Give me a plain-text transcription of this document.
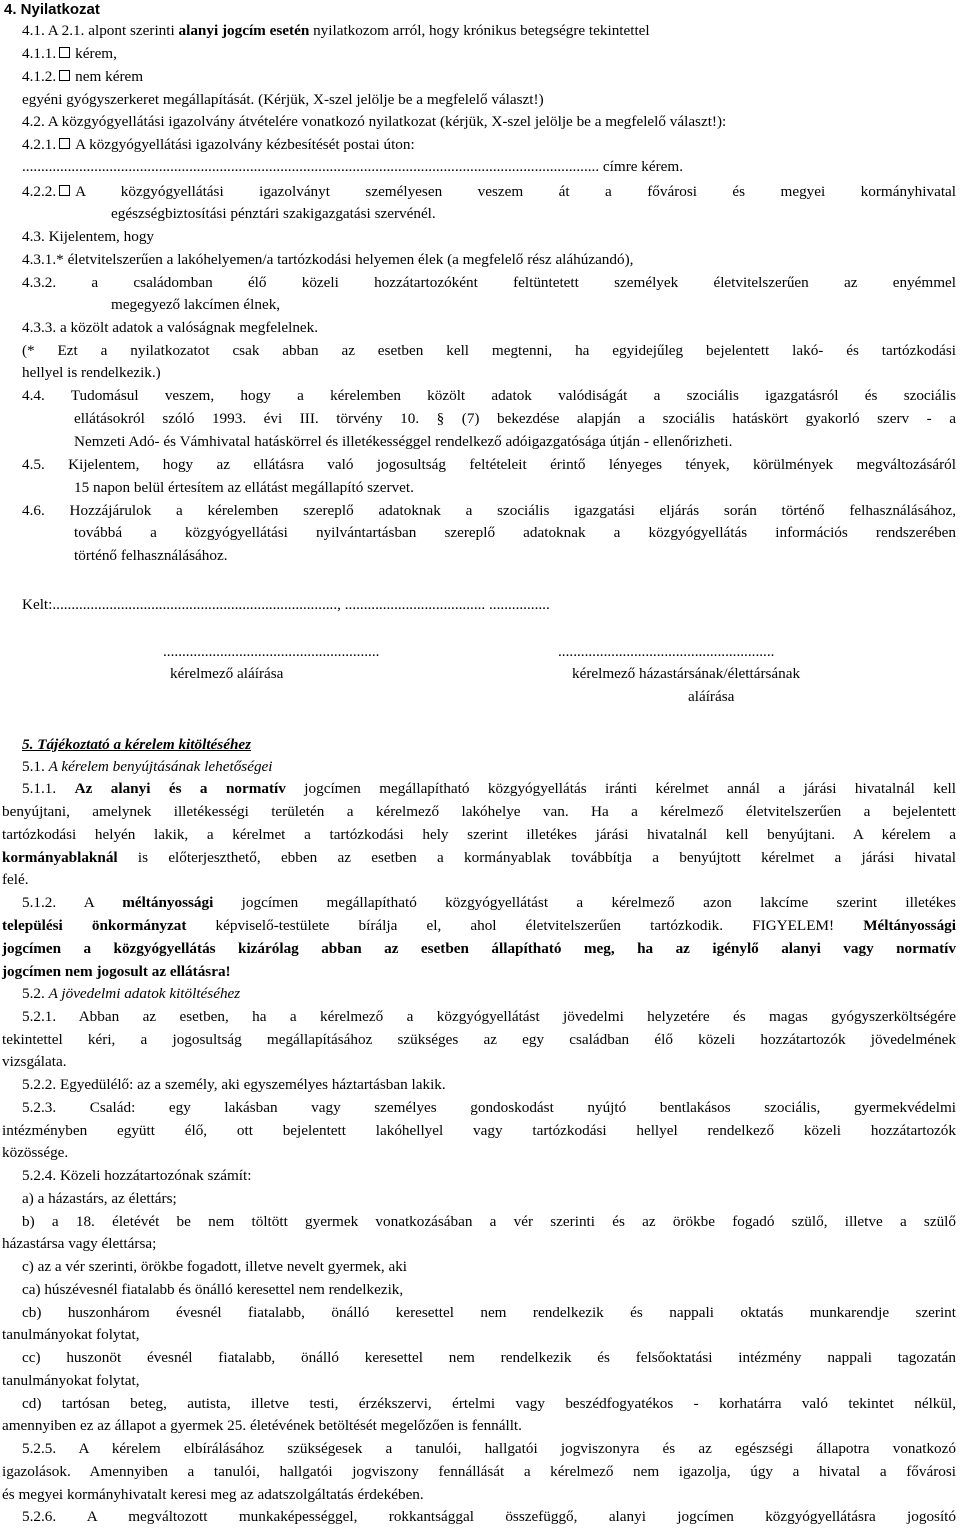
4. Nyilatkozat
4.1. A 2.1. alpont szerinti alanyi jogcím esetén nyilatkozom arról, hogy krónikus betegségre tekintettel
4.1.1. kérem,
4.1.2. nem kérem
egyéni gyógyszerkeret megállapítását. (Kérjük, X-szel jelölje be a megfelelő választ!)
4.2. A közgyógyellátási igazolvány átvételére vonatkozó nyilatkozat (kérjük, X-szel jelölje be a megfelelő választ!):
4.2.1. A közgyógyellátási igazolvány kézbesítését postai úton:
........................................................................................................................................................ címre kérem.
4.2.2. A közgyógyellátási igazolványt személyesen veszem át a fővárosi és megyei kormányhivatal
egészségbiztosítási pénztári szakigazgatási szervénél.
4.3. Kijelentem, hogy
4.3.1.* életvitelszerűen a lakóhelyemen/a tartózkodási helyemen élek (a megfelelő rész aláhúzandó),
4.3.2. a családomban élő közeli hozzátartozóként feltüntetett személyek életvitelszerűen az enyémmel
megegyező lakcímen élnek,
4.3.3. a közölt adatok a valóságnak megfelelnek.
(* Ezt a nyilatkozatot csak abban az esetben kell megtenni, ha egyidejűleg bejelentett lakó- és tartózkodási
hellyel is rendelkezik.)
4.4. Tudomásul veszem, hogy a kérelemben közölt adatok valódiságát a szociális igazgatásról és szociális
ellátásokról szóló 1993. évi III. törvény 10. § (7) bekezdése alapján a szociális hatáskört gyakorló szerv - a
Nemzeti Adó- és Vámhivatal hatáskörrel és illetékességgel rendelkező adóigazgatósága útján - ellenőrizheti.
4.5. Kijelentem, hogy az ellátásra való jogosultság feltételeit érintő lényeges tények, körülmények megváltozásáról
15 napon belül értesítem az ellátást megállapító szervet.
4.6. Hozzájárulok a kérelemben szereplő adatoknak a szociális igazgatási eljárás során történő felhasználásához,
továbbá a közgyógyellátási nyilvántartásban szereplő adatoknak a közgyógyellátás információs rendszerében
történő felhasználásához.
Kelt:..........................................................................., ..................................... ................
.........................................................
kérelmező aláírása
.........................................................
kérelmező házastársának/élettársának
aláírása
5. Tájékoztató a kérelem kitöltéséhez
5.1. A kérelem benyújtásának lehetőségei
5.1.1. Az alanyi és a normatív jogcímen megállapítható közgyógyellátás iránti kérelmet annál a járási hivatalnál kell
benyújtani, amelynek illetékességi területén a kérelmező lakóhelye van. Ha a kérelmező életvitelszerűen a bejelentett
tartózkodási helyén lakik, a kérelmet a tartózkodási hely szerint illetékes járási hivatalnál kell benyújtani. A kérelem a
kormányablaknál is előterjeszthető, ebben az esetben a kormányablak továbbítja a benyújtott kérelmet a járási hivatal
felé.
5.1.2. A méltányossági jogcímen megállapítható közgyógyellátást a kérelmező azon lakcíme szerint illetékes
települési önkormányzat képviselő-testülete bírálja el, ahol életvitelszerűen tartózkodik. FIGYELEM! Méltányossági
jogcímen a közgyógyellátás kizárólag abban az esetben állapítható meg, ha az igénylő alanyi vagy normatív
jogcímen nem jogosult az ellátásra!
5.2. A jövedelmi adatok kitöltéséhez
5.2.1. Abban az esetben, ha a kérelmező a közgyógyellátást jövedelmi helyzetére és magas gyógyszerköltségére
tekintettel kéri, a jogosultság megállapításához szükséges az egy családban élő közeli hozzátartozók jövedelmének
vizsgálata.
5.2.2. Egyedülélő: az a személy, aki egyszemélyes háztartásban lakik.
5.2.3. Család: egy lakásban vagy személyes gondoskodást nyújtó bentlakásos szociális, gyermekvédelmi
intézményben együtt élő, ott bejelentett lakóhellyel vagy tartózkodási hellyel rendelkező közeli hozzátartozók
közössége.
5.2.4. Közeli hozzátartozónak számít:
a) a házastárs, az élettárs;
b) a 18. életévét be nem töltött gyermek vonatkozásában a vér szerinti és az örökbe fogadó szülő, illetve a szülő
házastársa vagy élettársa;
c) az a vér szerinti, örökbe fogadott, illetve nevelt gyermek, aki
ca) húszévesnél fiatalabb és önálló keresettel nem rendelkezik,
cb) huszonhárom évesnél fiatalabb, önálló keresettel nem rendelkezik és nappali oktatás munkarendje szerint
tanulmányokat folytat,
cc) huszonöt évesnél fiatalabb, önálló keresettel nem rendelkezik és felsőoktatási intézmény nappali tagozatán
tanulmányokat folytat,
cd) tartósan beteg, autista, illetve testi, érzékszervi, értelmi vagy beszédfogyatékos - korhatárra való tekintet nélkül,
amennyiben ez az állapot a gyermek 25. életévének betöltését megelőzően is fennállt.
5.2.5. A kérelem elbírálásához szükségesek a tanulói, hallgatói jogviszonyra és az egészségi állapotra vonatkozó
igazolások. Amennyiben a tanulói, hallgatói jogviszony fennállását a kérelmező nem igazolja, úgy a hivatal a fővárosi
és megyei kormányhivatalt keresi meg az adatszolgáltatás érdekében.
5.2.6. A megváltozott munkaképességgel, rokkantsággal összefüggő, alanyi jogcímen közgyógyellátásra jogosító
